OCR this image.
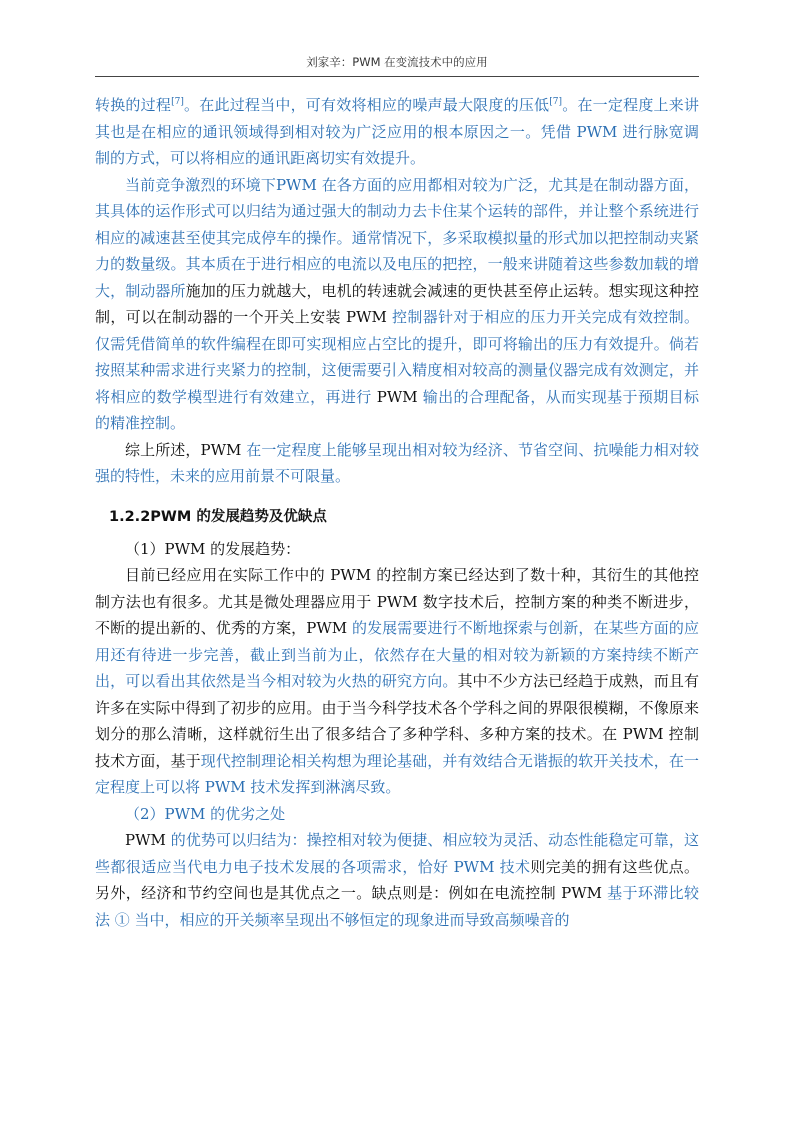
刘家辛：PWM 在变流技术中的应用

转换的过程[7]。在此过程当中，可有效将相应的噪声最大限度的压低[7]。在一定程度上来讲其也是在相应的通讯领域得到相对较为广泛应用的根本原因之一。凭借 PWM 进行脉宽调制的方式，可以将相应的通讯距离切实有效提升。

当前竞争激烈的环境下PWM 在各方面的应用都相对较为广泛，尤其是在制动器方面，其具体的运作形式可以归结为通过强大的制动力去卡住某个运转的部件，并让整个系统进行相应的减速甚至使其完成停车的操作。通常情况下，多采取模拟量的形式加以把控制动夹紧力的数量级。其本质在于进行相应的电流以及电压的把控，一般来讲随着这些参数加载的增大，制动器所施加的压力就越大，电机的转速就会减速的更快甚至停止运转。想实现这种控制，可以在制动器的一个开关上安装 PWM 控制器针对于相应的压力开关完成有效控制。仅需凭借简单的软件编程在即可实现相应占空比的提升，即可将输出的压力有效提升。倘若按照某种需求进行夹紧力的控制，这便需要引入精度相对较高的测量仪器完成有效测定，并将相应的数学模型进行有效建立，再进行 PWM 输出的合理配备，从而实现基于预期目标的精准控制。

综上所述，PWM 在一定程度上能够呈现出相对较为经济、节省空间、抗噪能力相对较强的特性，未来的应用前景不可限量。

1.2.2PWM 的发展趋势及优缺点

（1）PWM 的发展趋势：

目前已经应用在实际工作中的 PWM 的控制方案已经达到了数十种，其衍生的其他控制方法也有很多。尤其是微处理器应用于 PWM 数字技术后，控制方案的种类不断进步，不断的提出新的、优秀的方案，PWM 的发展需要进行不断地探索与创新，在某些方面的应用还有待进一步完善，截止到当前为止，依然存在大量的相对较为新颖的方案持续不断产出，可以看出其依然是当今相对较为火热的研究方向。其中不少方法已经趋于成熟，而且有许多在实际中得到了初步的应用。由于当今科学技术各个学科之间的界限很模糊，不像原来划分的那么清晰，这样就衍生出了很多结合了多种学科、多种方案的技术。在 PWM 控制技术方面，基于现代控制理论相关构想为理论基础，并有效结合无谐振的软开关技术，在一定程度上可以将 PWM 技术发挥到淋漓尽致。

（2）PWM 的优劣之处

PWM 的优势可以归结为：操控相对较为便捷、相应较为灵活、动态性能稳定可靠，这些都很适应当代电力电子技术发展的各项需求，恰好 PWM 技术则完美的拥有这些优点。另外，经济和节约空间也是其优点之一。缺点则是：例如在电流控制 PWM 基于环滞比较法 ① 当中，相应的开关频率呈现出不够恒定的现象进而导致高频噪音的
